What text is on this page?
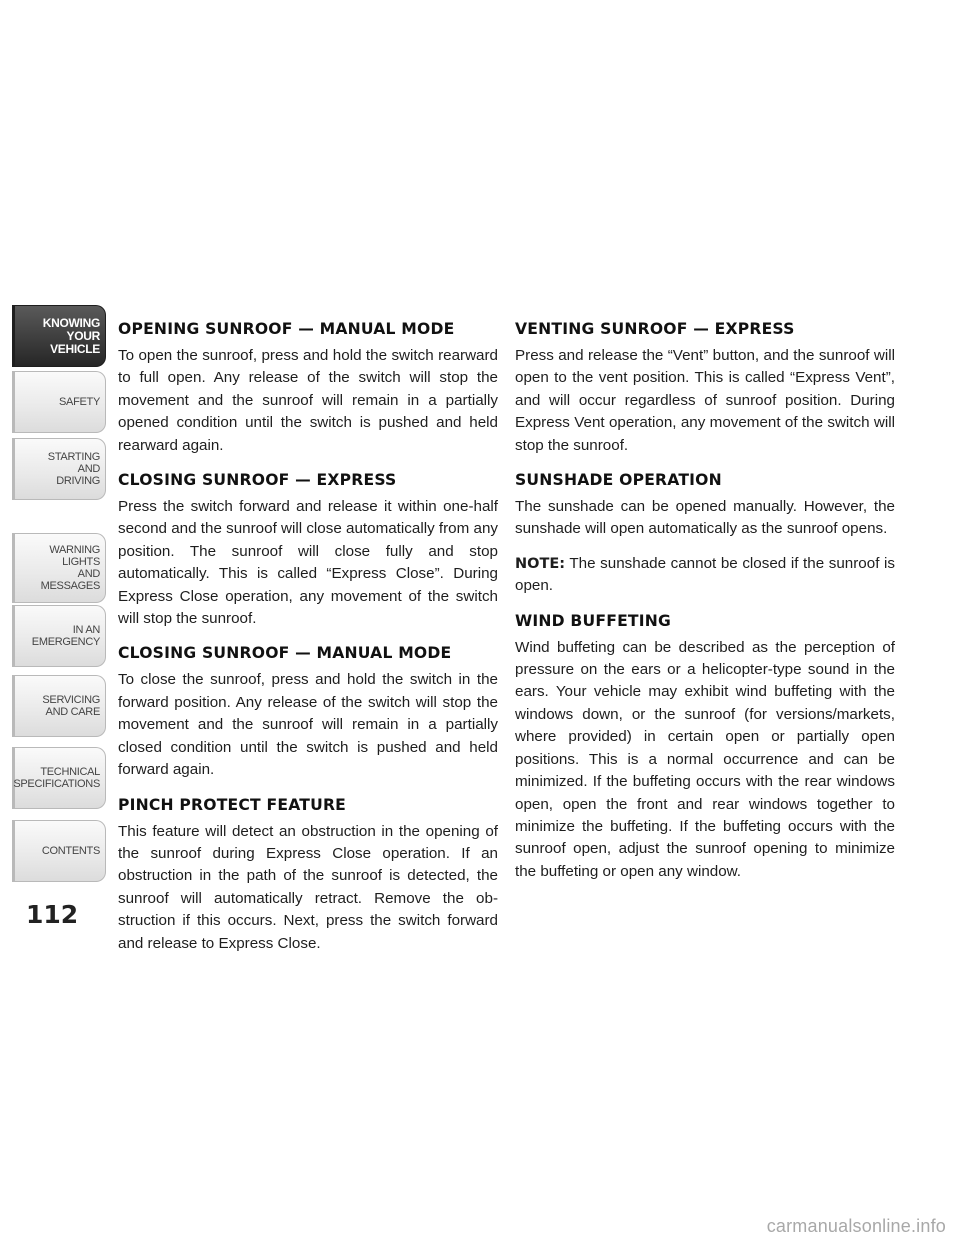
KNOWING
YOUR
VEHICLE
SAFETY
STARTING
AND
DRIVING
WARNING
LIGHTS
AND
MESSAGES
IN AN
EMERGENCY
SERVICING
AND CARE
TECHNICAL
SPECIFICATIONS
CONTENTS
112
OPENING SUNROOF — MANUAL MODE

To open the sunroof, press and hold the switch rearward to full open. Any release of the switch will stop the movement and the sunroof will remain in a partially opened condition until the switch is pushed and held rearward again.

CLOSING SUNROOF — EXPRESS

Press the switch forward and release it within one-half second and the sunroof will close automatically from any position. The sunroof will close fully and stop automatically. This is called “Express Close”. During Express Close operation, any movement of the switch will stop the sunroof.

CLOSING SUNROOF — MANUAL MODE

To close the sunroof, press and hold the switch in the forward position. Any release of the switch will stop the movement and the sunroof will remain in a partially closed condition until the switch is pushed and held forward again.

PINCH PROTECT FEATURE

This feature will detect an obstruction in the opening of the sunroof during Express Close operation. If an obstruction in the path of the sunroof is detected, the sunroof will automatically retract. Remove the obstruction if this occurs. Next, press the switch forward and release to Express Close.

VENTING SUNROOF — EXPRESS

Press and release the “Vent” button, and the sunroof will open to the vent position. This is called “Express Vent”, and will occur regardless of sunroof position. During Express Vent operation, any movement of the switch will stop the sunroof.

SUNSHADE OPERATION

The sunshade can be opened manually. However, the sunshade will open automatically as the sunroof opens.

NOTE: The sunshade cannot be closed if the sunroof is open.

WIND BUFFETING

Wind buffeting can be described as the perception of pressure on the ears or a helicopter-type sound in the ears. Your vehicle may exhibit wind buffeting with the windows down, or the sunroof (for versions/markets, where provided) in certain open or partially open positions. This is a normal occurrence and can be minimized. If the buffeting occurs with the rear windows open, open the front and rear windows together to minimize the buffeting. If the buffeting occurs with the sunroof open, adjust the sunroof opening to minimize the buffeting or open any window.

carmanualsonline.info
